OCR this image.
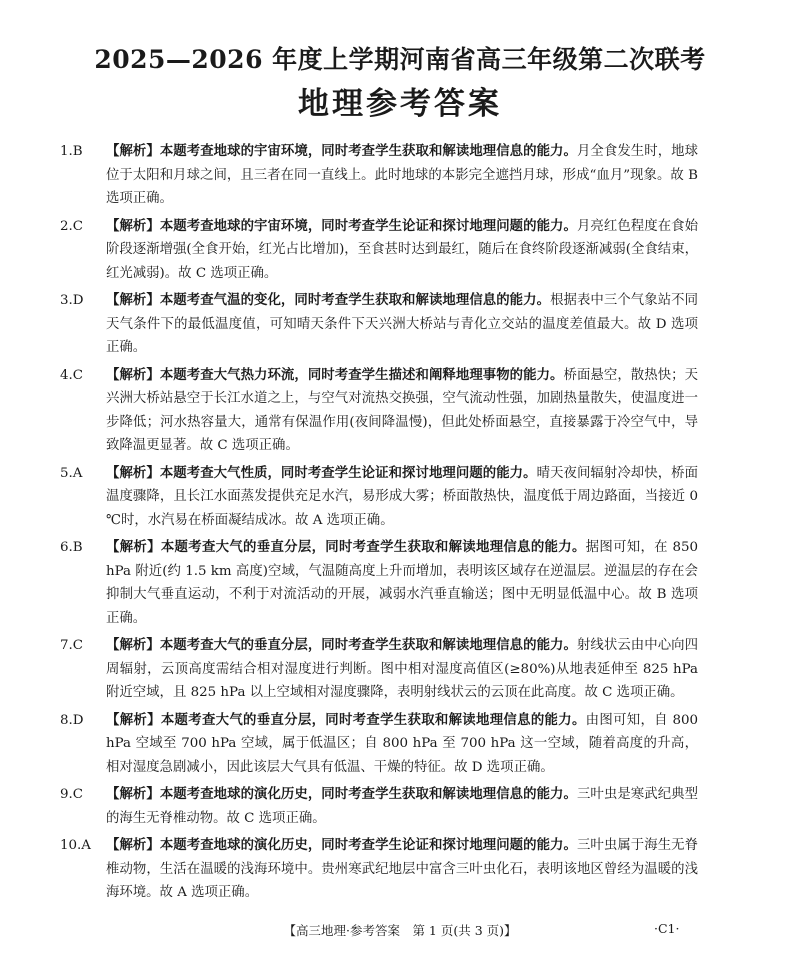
2025—2026 年度上学期河南省高三年级第二次联考
地理参考答案
1.B	【解析】本题考查地球的宇宙环境，同时考查学生获取和解读地理信息的能力。月全食发生时，地球位于太阳和月球之间，且三者在同一直线上。此时地球的本影完全遮挡月球，形成“血月”现象。故 B 选项正确。
2.C	【解析】本题考查地球的宇宙环境，同时考查学生论证和探讨地理问题的能力。月亮红色程度在食始阶段逐渐增强(全食开始，红光占比增加)，至食甚时达到最红，随后在食终阶段逐渐减弱(全食结束，红光减弱)。故 C 选项正确。
3.D	【解析】本题考查气温的变化，同时考查学生获取和解读地理信息的能力。根据表中三个气象站不同天气条件下的最低温度值，可知晴天条件下天兴洲大桥站与青化立交站的温度差值最大。故 D 选项正确。
4.C	【解析】本题考查大气热力环流，同时考查学生描述和阐释地理事物的能力。桥面悬空，散热快；天兴洲大桥站悬空于长江水道之上，与空气对流热交换强，空气流动性强，加剧热量散失，使温度进一步降低；河水热容量大，通常有保温作用(夜间降温慢)，但此处桥面悬空，直接暴露于冷空气中，导致降温更显著。故 C 选项正确。
5.A	【解析】本题考查大气性质，同时考查学生论证和探讨地理问题的能力。晴天夜间辐射冷却快，桥面温度骤降，且长江水面蒸发提供充足水汽，易形成大雾；桥面散热快，温度低于周边路面，当接近 0 ℃时，水汽易在桥面凝结成冰。故 A 选项正确。
6.B	【解析】本题考查大气的垂直分层，同时考查学生获取和解读地理信息的能力。据图可知，在 850 hPa 附近(约 1.5 km 高度)空域，气温随高度上升而增加，表明该区域存在逆温层。逆温层的存在会抑制大气垂直运动，不利于对流活动的开展，减弱水汽垂直输送；图中无明显低温中心。故 B 选项正确。
7.C	【解析】本题考查大气的垂直分层，同时考查学生获取和解读地理信息的能力。射线状云由中心向四周辐射，云顶高度需结合相对湿度进行判断。图中相对湿度高值区(≥80%)从地表延伸至 825 hPa 附近空域，且 825 hPa 以上空域相对湿度骤降，表明射线状云的云顶在此高度。故 C 选项正确。
8.D	【解析】本题考查大气的垂直分层，同时考查学生获取和解读地理信息的能力。由图可知，自 800 hPa 空域至 700 hPa 空域，属于低温区；自 800 hPa 至 700 hPa 这一空域，随着高度的升高，相对湿度急剧减小，因此该层大气具有低温、干燥的特征。故 D 选项正确。
9.C	【解析】本题考查地球的演化历史，同时考查学生获取和解读地理信息的能力。三叶虫是寒武纪典型的海生无脊椎动物。故 C 选项正确。
10.A	【解析】本题考查地球的演化历史，同时考查学生论证和探讨地理问题的能力。三叶虫属于海生无脊椎动物，生活在温暖的浅海环境中。贵州寒武纪地层中富含三叶虫化石，表明该地区曾经为温暖的浅海环境。故 A 选项正确。
【高三地理·参考答案　第 1 页(共 3 页)】	·C1·
